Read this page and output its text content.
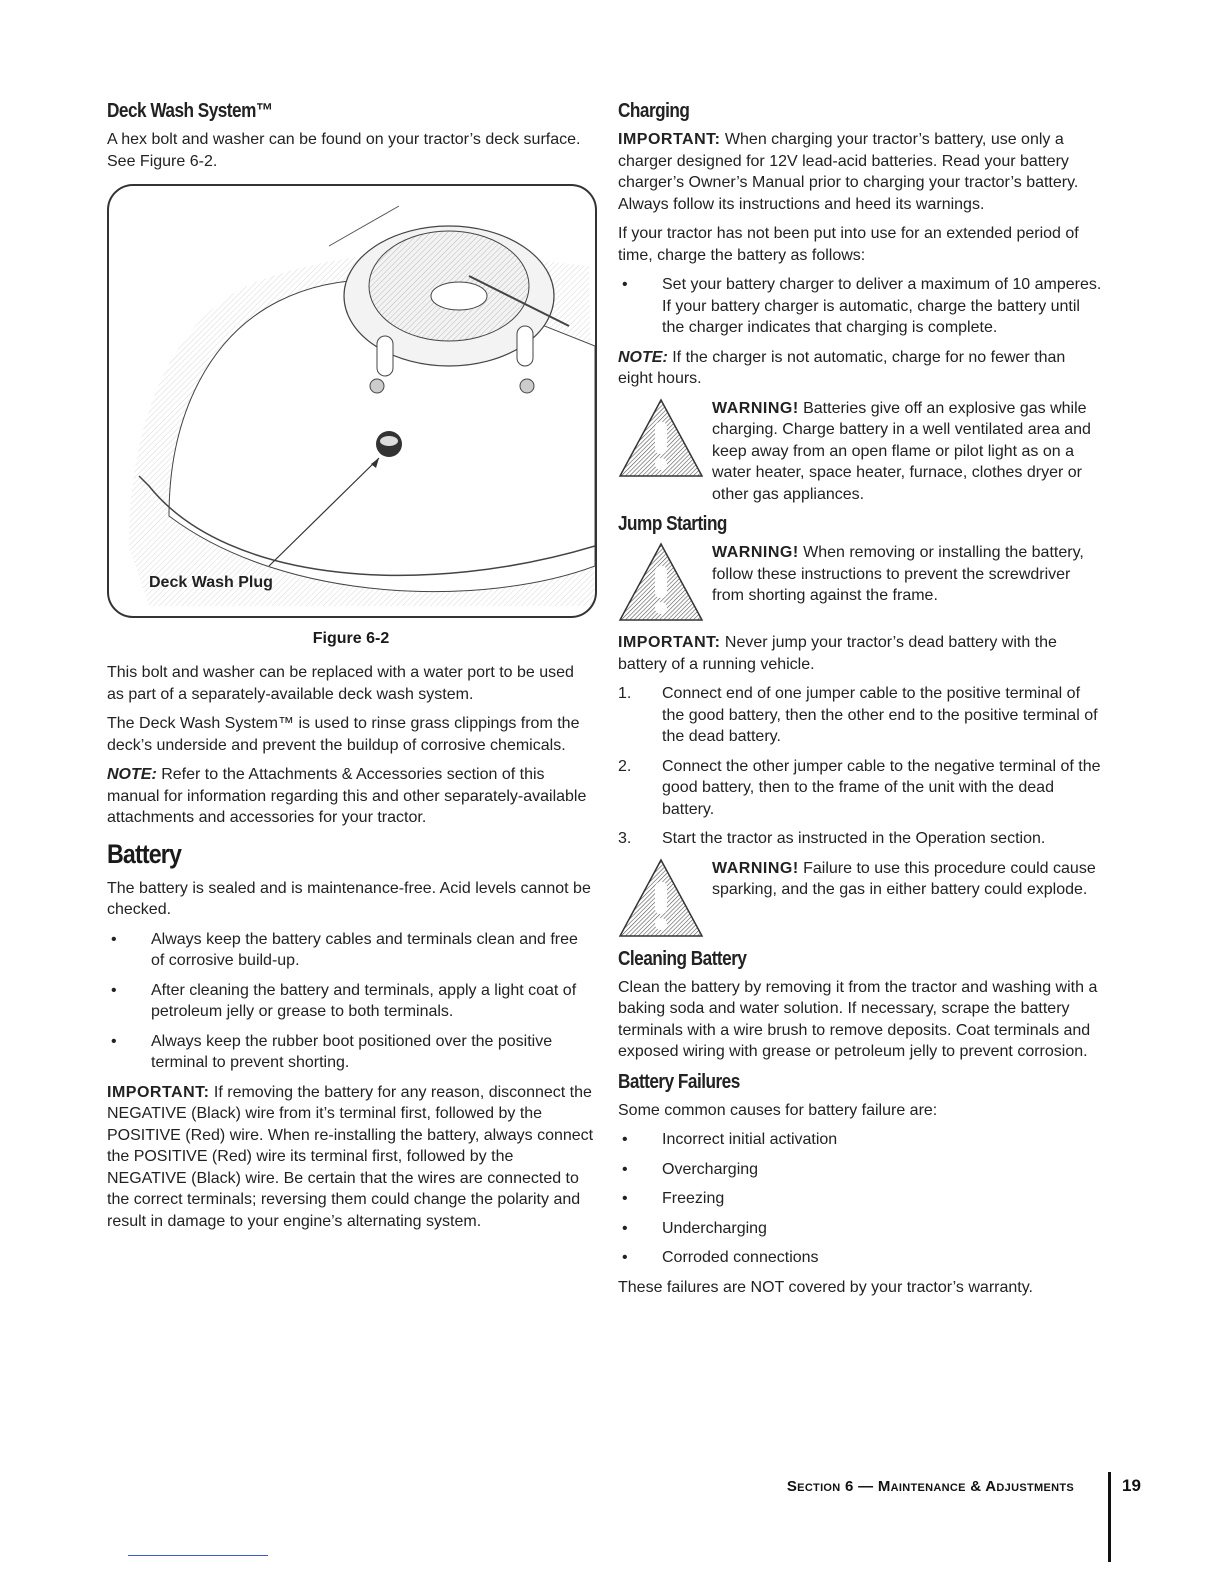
Deck Wash System™

A hex bolt and washer can be found on your tractor’s deck surface. See Figure 6-2.

Deck Wash Plug
Figure 6-2

This bolt and washer can be replaced with a water port to be used as part of a separately-available deck wash system.

The Deck Wash System™ is used to rinse grass clippings from the deck’s underside and prevent the buildup of corrosive chemicals.

NOTE: Refer to the Attachments & Accessories section of this manual for information regarding this and other separately-available attachments and accessories for your tractor.

Battery

The battery is sealed and is maintenance-free. Acid levels cannot be checked.

• Always keep the battery cables and terminals clean and free of corrosive build-up.
• After cleaning the battery and terminals, apply a light coat of petroleum jelly or grease to both terminals.
• Always keep the rubber boot positioned over the positive terminal to prevent shorting.

IMPORTANT: If removing the battery for any reason, disconnect the NEGATIVE (Black) wire from it’s terminal first, followed by the POSITIVE (Red) wire. When re-installing the battery, always connect the POSITIVE (Red) wire its terminal first, followed by the NEGATIVE (Black) wire. Be certain that the wires are connected to the correct terminals; reversing them could change the polarity and result in damage to your engine’s alternating system.

Charging

IMPORTANT: When charging your tractor’s battery, use only a charger designed for 12V lead-acid batteries. Read your battery charger’s Owner’s Manual prior to charging your tractor’s battery. Always follow its instructions and heed its warnings.

If your tractor has not been put into use for an extended period of time, charge the battery as follows:

• Set your battery charger to deliver a maximum of 10 amperes. If your battery charger is automatic, charge the battery until the charger indicates that charging is complete.

NOTE: If the charger is not automatic, charge for no fewer than eight hours.

WARNING! Batteries give off an explosive gas while charging. Charge battery in a well ventilated area and keep away from an open flame or pilot light as on a water heater, space heater, furnace, clothes dryer or other gas appliances.

Jump Starting

WARNING! When removing or installing the battery, follow these instructions to prevent the screwdriver from shorting against the frame.

IMPORTANT: Never jump your tractor’s dead battery with the battery of a running vehicle.

1. Connect end of one jumper cable to the positive terminal of the good battery, then the other end to the positive terminal of the dead battery.
2. Connect the other jumper cable to the negative terminal of the good battery, then to the frame of the unit with the dead battery.
3. Start the tractor as instructed in the Operation section.

WARNING! Failure to use this procedure could cause sparking, and the gas in either battery could explode.

Cleaning Battery

Clean the battery by removing it from the tractor and washing with a baking soda and water solution. If necessary, scrape the battery terminals with a wire brush to remove deposits. Coat terminals and exposed wiring with grease or petroleum jelly to prevent corrosion.

Battery Failures

Some common causes for battery failure are:

• Incorrect initial activation
• Overcharging
• Freezing
• Undercharging
• Corroded connections

These failures are NOT covered by your tractor’s warranty.

Section 6 — Maintenance & Adjustments	19
